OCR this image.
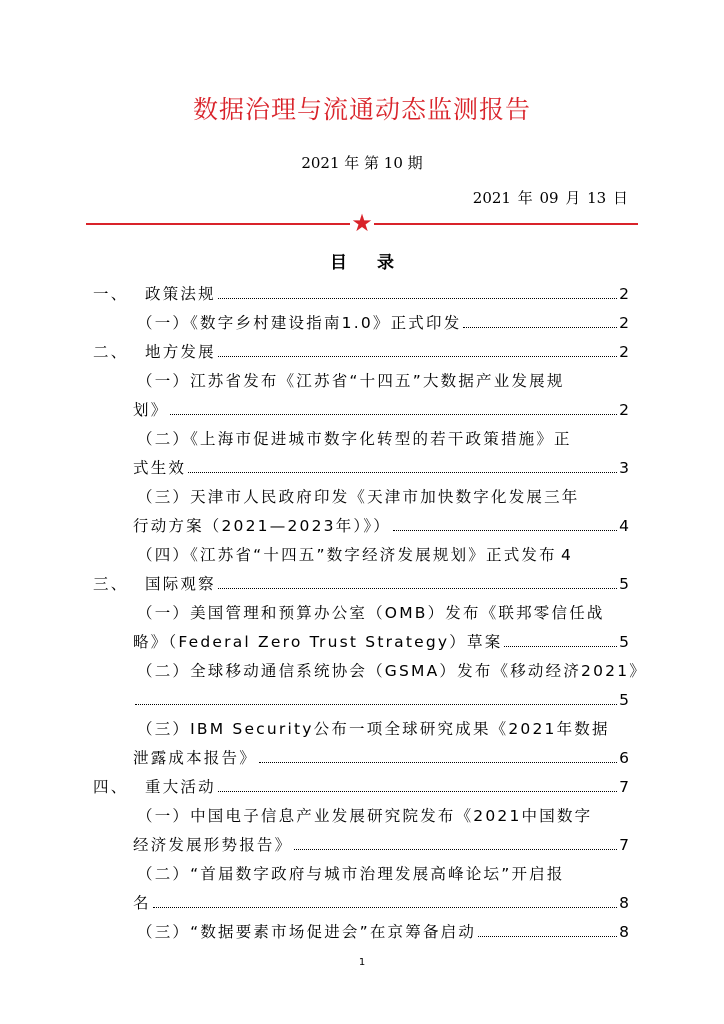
数据治理与流通动态监测报告
2021 年 第 10 期
2021 年 09 月 13 日
★
目 录
一、	政策法规	2
（一）《数字乡村建设指南1.0》正式印发	2
二、	地方发展	2
（一）江苏省发布《江苏省“十四五”大数据产业发展规
划》	2
（二）《上海市促进城市数字化转型的若干政策措施》正
式生效	3
（三）天津市人民政府印发《天津市加快数字化发展三年
行动方案（2021—2023年）》）	4
（四）《江苏省“十四五”数字经济发展规划》正式发布 4
三、	国际观察	5
（一）美国管理和预算办公室（OMB）发布《联邦零信任战
略》（Federal Zero Trust Strategy）草案	5
（二）全球移动通信系统协会（GSMA）发布《移动经济2021》
5
（三）IBM Security公布一项全球研究成果《2021年数据
泄露成本报告》	6
四、	重大活动	7
（一）中国电子信息产业发展研究院发布《2021中国数字
经济发展形势报告》	7
（二）“首届数字政府与城市治理发展高峰论坛”开启报
名	8
（三）“数据要素市场促进会”在京筹备启动	8
1
